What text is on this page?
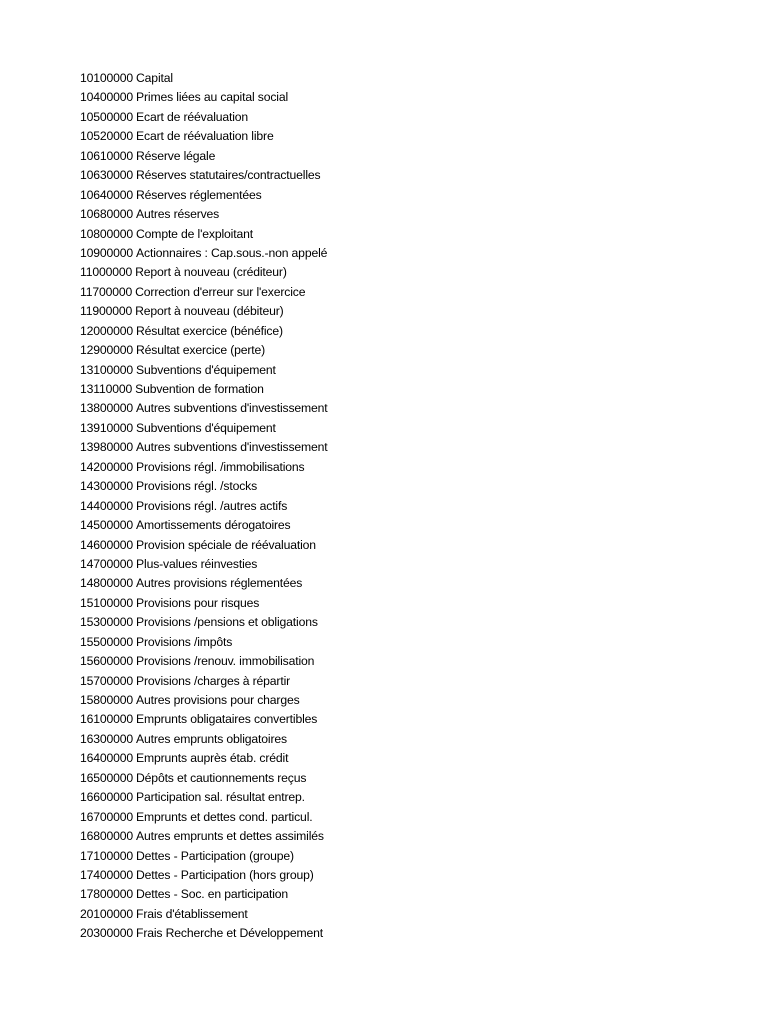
10100000 Capital
10400000 Primes liées au capital social
10500000 Ecart de réévaluation
10520000 Ecart de réévaluation libre
10610000 Réserve légale
10630000 Réserves statutaires/contractuelles
10640000 Réserves réglementées
10680000 Autres réserves
10800000 Compte de l'exploitant
10900000 Actionnaires : Cap.sous.-non appelé
11000000 Report à nouveau (créditeur)
11700000 Correction d'erreur sur l'exercice
11900000 Report à nouveau (débiteur)
12000000 Résultat exercice (bénéfice)
12900000 Résultat exercice (perte)
13100000 Subventions d'équipement
13110000 Subvention de formation
13800000 Autres subventions d'investissement
13910000 Subventions d'équipement
13980000 Autres subventions d'investissement
14200000 Provisions régl. /immobilisations
14300000 Provisions régl. /stocks
14400000 Provisions régl. /autres actifs
14500000 Amortissements dérogatoires
14600000 Provision spéciale de réévaluation
14700000 Plus-values réinvesties
14800000 Autres provisions réglementées
15100000 Provisions pour risques
15300000 Provisions /pensions et obligations
15500000 Provisions /impôts
15600000 Provisions /renouv. immobilisation
15700000 Provisions /charges à répartir
15800000 Autres provisions pour charges
16100000 Emprunts obligataires convertibles
16300000 Autres emprunts obligatoires
16400000 Emprunts auprès étab. crédit
16500000 Dépôts et cautionnements reçus
16600000 Participation sal. résultat entrep.
16700000 Emprunts et dettes cond. particul.
16800000 Autres emprunts et dettes assimilés
17100000 Dettes - Participation (groupe)
17400000 Dettes - Participation (hors group)
17800000 Dettes - Soc. en participation
20100000 Frais d'établissement
20300000 Frais Recherche et Développement
